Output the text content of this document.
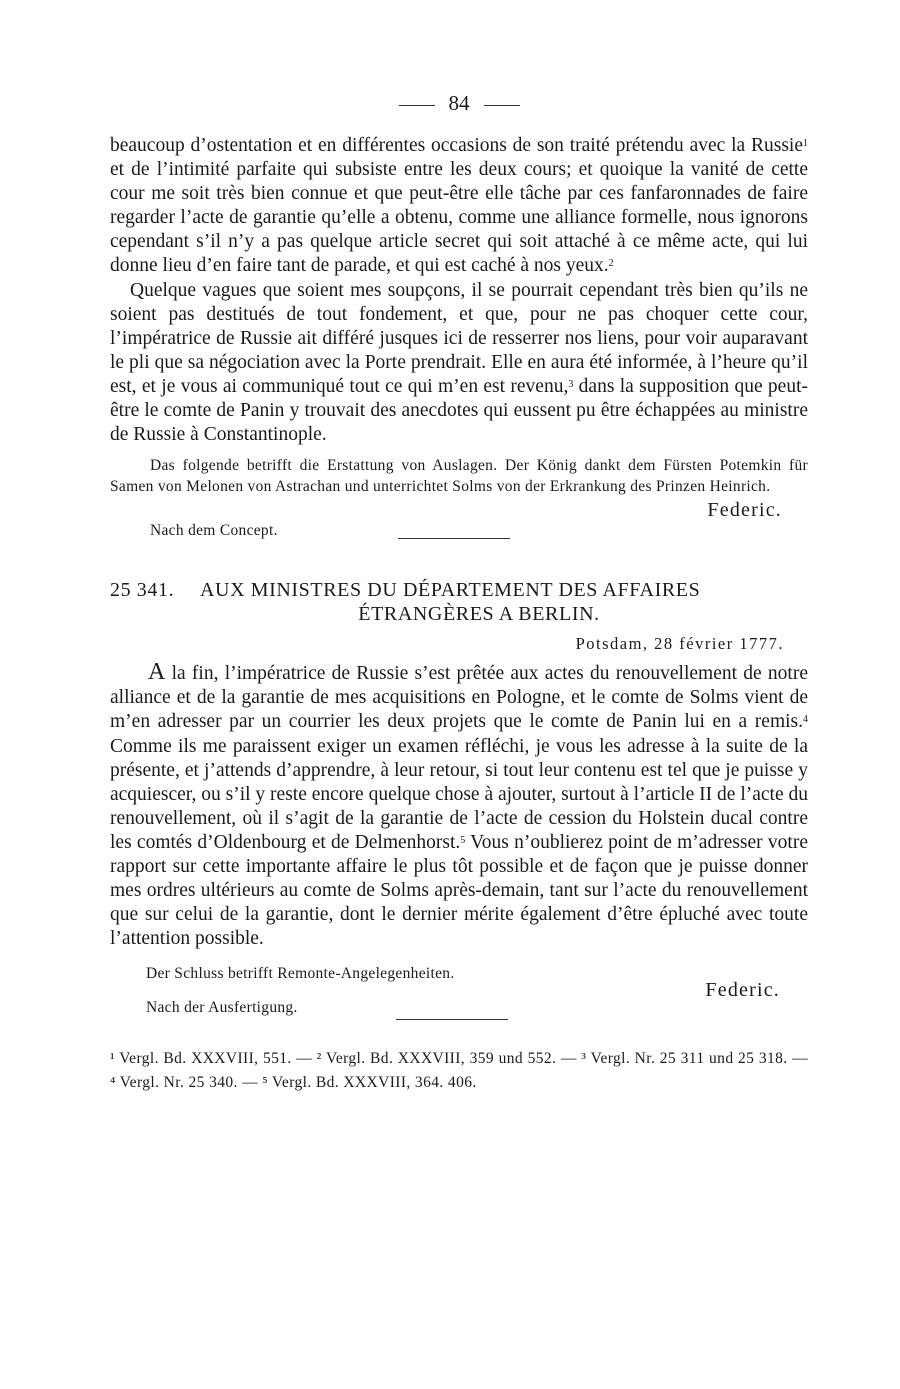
84

beaucoup d’ostentation et en différentes occasions de son traité prétendu avec la Russie$^1$ et de l’intimité parfaite qui subsiste entre les deux cours; et quoique la vanité de cette cour me soit très bien connue et que peut-être elle tâche par ces fanfaronnades de faire regarder l’acte de garantie qu’elle a obtenu, comme une alliance formelle, nous ignorons cependant s’il n’y a pas quelque article secret qui soit attaché à ce même acte, qui lui donne lieu d’en faire tant de parade, et qui est caché à nos yeux.$^2$

Quelque vagues que soient mes soupçons, il se pourrait cependant très bien qu’ils ne soient pas destitués de tout fondement, et que, pour ne pas choquer cette cour, l’impératrice de Russie ait différé jusques ici de resserrer nos liens, pour voir auparavant le pli que sa négociation avec la Porte prendrait. Elle en aura été informée, à l’heure qu’il est, et je vous ai communiqué tout ce qui m’en est revenu,$^3$ dans la supposition que peut-être le comte de Panin y trouvait des anecdotes qui eussent pu être échappées au ministre de Russie à Constantinople.

Das folgende betrifft die Erstattung von Auslagen. Der König dankt dem Fürsten Potemkin für Samen von Melonen von Astrachan und unterrichtet Solms von der Erkrankung des Prinzen Heinrich.
Federic.
Nach dem Concept.
25 341. AUX MINISTRES DU DÉPARTEMENT DES AFFAIRES
ÉTRANGÈRES A BERLIN.
Potsdam, 28 février 1777.

A la fin, l’impératrice de Russie s’est prêtée aux actes du renouvellement de notre alliance et de la garantie de mes acquisitions en Pologne, et le comte de Solms vient de m’en adresser par un courrier les deux projets que le comte de Panin lui en a remis.$^4$ Comme ils me paraissent exiger un examen réfléchi, je vous les adresse à la suite de la présente, et j’attends d’apprendre, à leur retour, si tout leur contenu est tel que je puisse y acquiescer, ou s’il y reste encore quelque chose à ajouter, surtout à l’article II de l’acte du renouvellement, où il s’agit de la garantie de l’acte de cession du Holstein ducal contre les comtés d’Oldenbourg et de Delmenhorst.$^5$ Vous n’oublierez point de m’adresser votre rapport sur cette importante affaire le plus tôt possible et de façon que je puisse donner mes ordres ultérieurs au comte de Solms après-demain, tant sur l’acte du renouvellement que sur celui de la garantie, dont le dernier mérite également d’être épluché avec toute l’attention possible.

Der Schluss betrifft Remonte-Angelegenheiten.
Federic.
Nach der Ausfertigung.
¹ Vergl. Bd. XXXVIII, 551. — ² Vergl. Bd. XXXVIII, 359 und 552. — ³ Vergl. Nr. 25 311 und 25 318. — ⁴ Vergl. Nr. 25 340. — ⁵ Vergl. Bd. XXXVIII, 364. 406.
